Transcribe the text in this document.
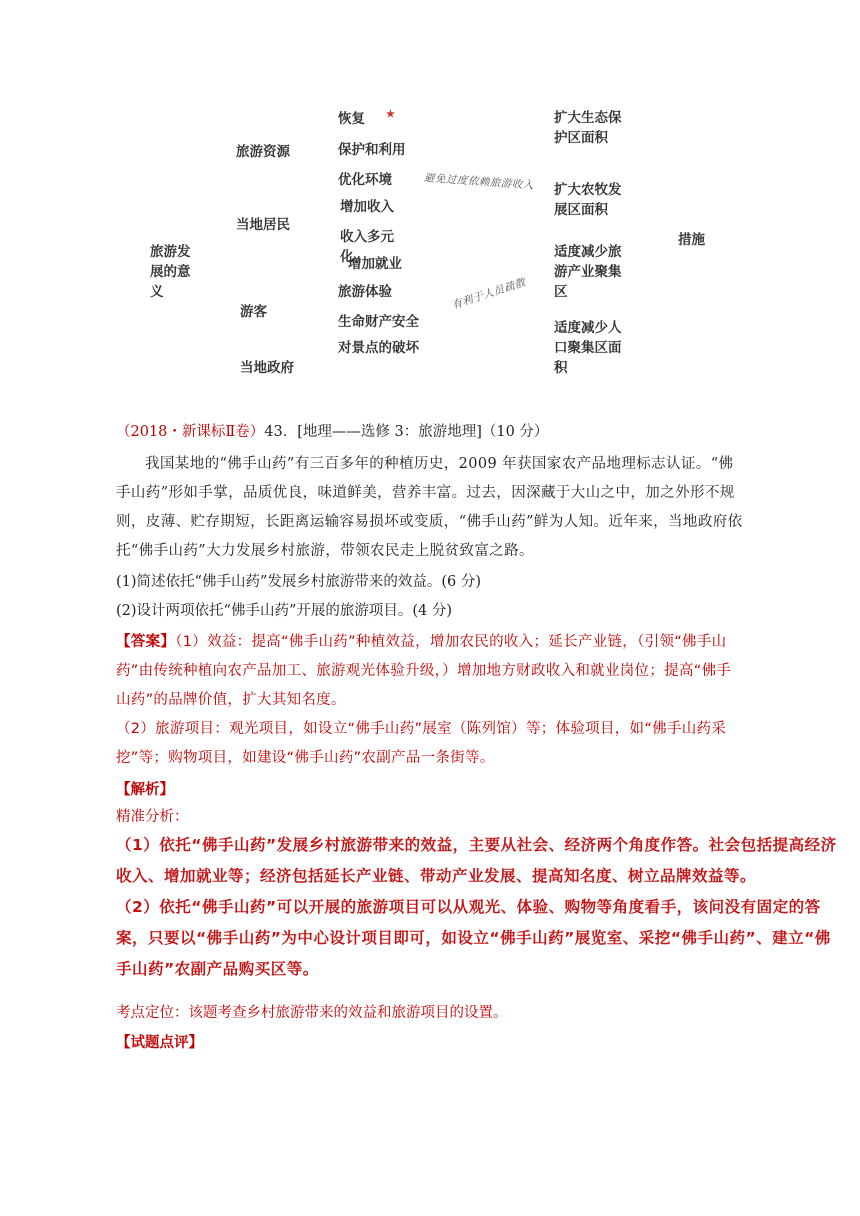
旅游发展的意义
旅游资源
当地居民
游客
当地政府
恢复 ★
保护和利用
优化环境
增加收入
收入多元化
增加就业
旅游体验
生命财产安全
对景点的破坏
避免过度依赖旅游收入
有利于人员疏散
扩大生态保护区面积
扩大农牧发展区面积
适度减少旅游产业聚集区
适度减少人口聚集区面积
措施
（2018・新课标Ⅱ卷）43．[地理——选修 3：旅游地理]（10 分）
我国某地的“佛手山药”有三百多年的种植历史，2009 年获国家农产品地理标志认证。“佛手山药”形如手掌，品质优良，味道鲜美，营养丰富。过去，因深藏于大山之中，加之外形不规则，皮薄、贮存期短，长距离运输容易损坏或变质，“佛手山药”鲜为人知。近年来，当地政府依托“佛手山药”大力发展乡村旅游，带领农民走上脱贫致富之路。
(1)简述依托“佛手山药”发展乡村旅游带来的效益。(6 分)
(2)设计两项依托“佛手山药”开展的旅游项目。(4 分)
【答案】（1）效益：提高“佛手山药”种植效益，增加农民的收入；延长产业链，（引领“佛手山药”由传统种植向农产品加工、旅游观光体验升级，）增加地方财政收入和就业岗位；提高“佛手山药”的品牌价值，扩大其知名度。
（2）旅游项目：观光项目，如设立“佛手山药”展室（陈列馆）等；体验项目，如“佛手山药采挖”等；购物项目，如建设“佛手山药”农副产品一条街等。
【解析】
精准分析：
（1）依托“佛手山药”发展乡村旅游带来的效益，主要从社会、经济两个角度作答。社会包括提高经济收入、增加就业等；经济包括延长产业链、带动产业发展、提高知名度、树立品牌效益等。
（2）依托“佛手山药”可以开展的旅游项目可以从观光、体验、购物等角度看手，该问没有固定的答案，只要以“佛手山药”为中心设计项目即可，如设立“佛手山药”展览室、采挖“佛手山药”、建立“佛手山药”农副产品购买区等。
考点定位：该题考查乡村旅游带来的效益和旅游项目的设置。
【试题点评】
